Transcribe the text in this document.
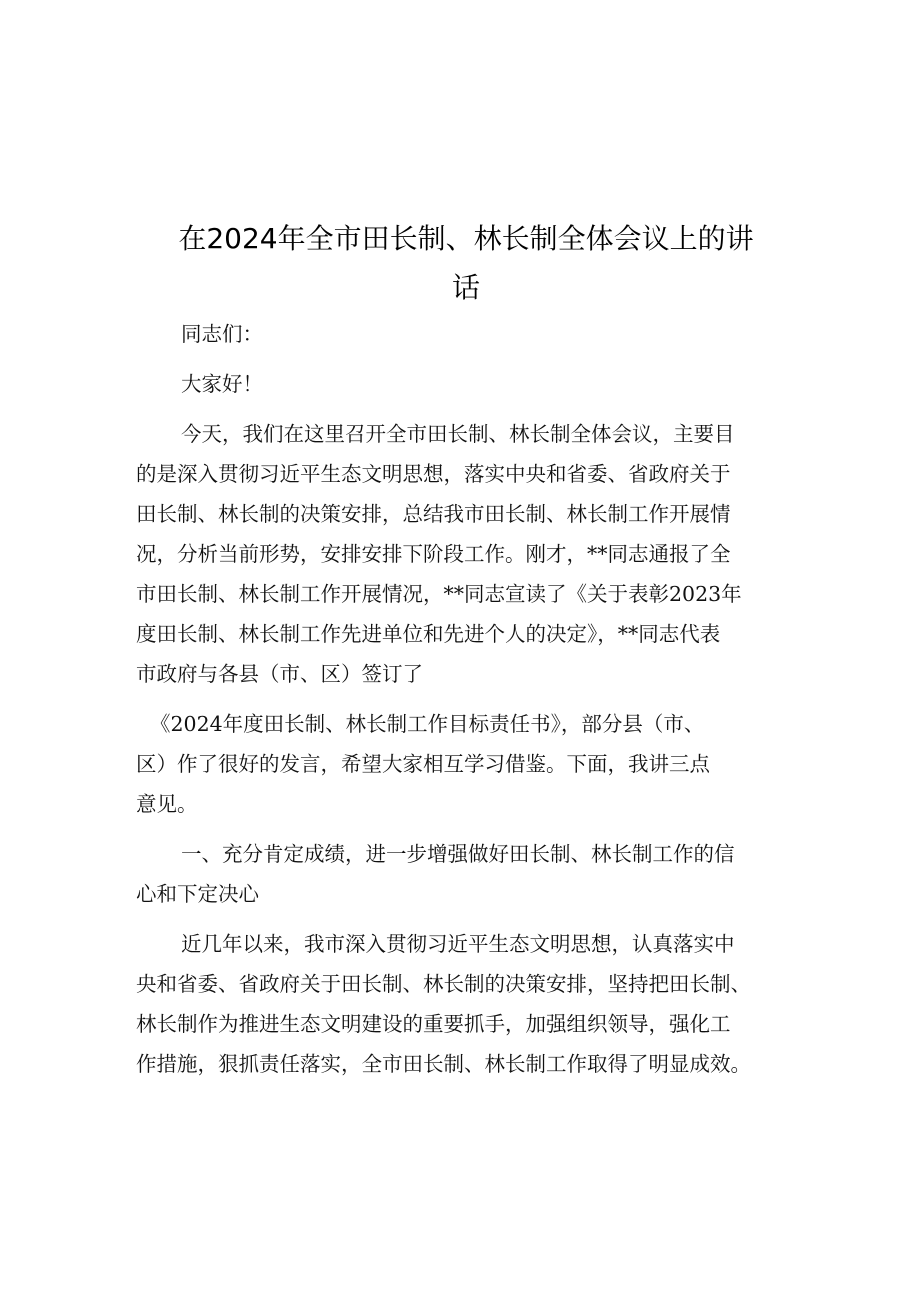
在2024年全市田长制、林长制全体会议上的讲
话

同志们：

大家好！

今天，我们在这里召开全市田长制、林长制全体会议，主要目

的是深入贯彻习近平生态文明思想，落实中央和省委、省政府关于

田长制、林长制的决策安排，总结我市田长制、林长制工作开展情

况，分析当前形势，安排安排下阶段工作。刚才，**同志通报了全

市田长制、林长制工作开展情况，**同志宣读了《关于表彰2023年

度田长制、林长制工作先进单位和先进个人的决定》，**同志代表

市政府与各县（市、区）签订了

《2024年度田长制、林长制工作目标责任书》，部分县（市、

区）作了很好的发言，希望大家相互学习借鉴。下面，我讲三点

意见。

一、充分肯定成绩，进一步增强做好田长制、林长制工作的信

心和下定决心

近几年以来，我市深入贯彻习近平生态文明思想，认真落实中

央和省委、省政府关于田长制、林长制的决策安排，坚持把田长制、

林长制作为推进生态文明建设的重要抓手，加强组织领导，强化工

作措施，狠抓责任落实，全市田长制、林长制工作取得了明显成效。
